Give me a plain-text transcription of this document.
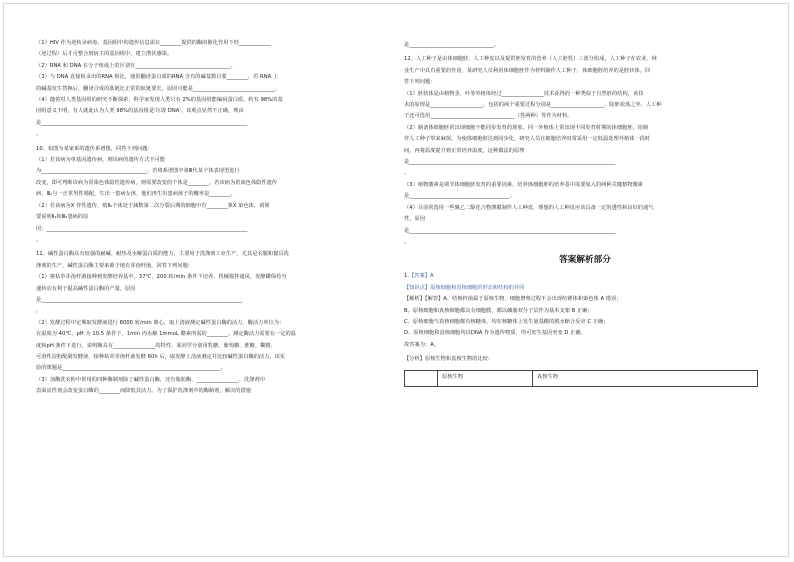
（1）HIV 作为逆转录病毒，基因组中的遗传信息需在________提供的酶的催化作用下经____________

（逆过程）后才可整合到宿主的基因组中，建立潜伏感染。

（2）RNA 和 DNA 在分子组成上的区别有____________________________________。

（3）与 DNA 直接转录出的RNA 相比，通常翻译蛋白质的RNA 含有的碱基数目要________，若 RNA 上

的碱基发生替换后，翻译合成的肽链比正常的肽链要长，原因可能是_______________________________。

（4）随着对人类基因组的研究不断探索，科学家发现人类只有 2%的基因组能编码蛋白质，约有 98%的基

因组意义不明，有人就此认为人类 98%的基因组是'垃圾 DNA'。该观点显然不正确，理由

是______________________________________________________________________________

。

10、如图为某家系的遗传系谱图，回答下列问题：

（1）若该病为单基因遗传病，则该病的遗传方式不可能

为________________________________________。若将系谱图中第Ⅲ代某个体表现型进行

改变，即可判断该病为常染色体隐性遗传病，则需要改变的个体是________。若该病为常染色体隐性遗传

病，Ⅲ₂与一正常男性婚配，生出一患病女孩，他们再生出患病孩子的概率是________。

（2）若该病为X 伴性遗传，则Ⅱ₂个体处于减数第二次分裂后期的细胞中有________条X 染色体，请简

要说明Ⅱ₂和Ⅲ₂患病的原

因：____________________________________________________________________________

。

11、碱性蛋白酶具有较强的耐碱、耐热及水解蛋白质的能力，主要用于洗涤剂工业生产，尤其是衣服和餐具洗

涤剂的生产，碱性蛋白酶主要来源于地衣芽孢杆菌。回答下列问题：

（1）将枯草芽孢杆菌接种到发酵培养基中，37℃，200 转/min 条件下培养。机械搅拌通风，发酵罐保持匀

速转动有利于提高碱性蛋白酶的产量，原因

是____________________________________________________________________________

。

（2）发酵过程中定期取发酵液进行 8000 转/min 离心，取上清液测定碱性蛋白酶的活力。酶活力单位为：

在温度为 40℃，pH 为 10.5 条件下，1min 内水解 1mmoL 酪素所需的________。测定酶活力需要在一定的温

度和pH 条件下进行，说明酶具有________________的特性。某同学分别用乳糖、葡萄糖、蔗糖、糊精、

可溶性淀粉配制发酵液，接种枯草芽孢杆菌发酵 60h 后，取发酵上清液测定并比较碱性蛋白酶的活力，该实

验的课题是____________________________________________________________。

（3）加酶洗衣粉中常用的四种酶制剂除了碱性蛋白酶，还有脂肪酶、________________。洗涤剂中

表面活性剂会改变蛋白酶的________而降低其活力。为了保护洗涤剂中的酶制剂，解决的措施

是________________________________。

12、人工种子是由体细胞胚、人工种皮以及提供胚发育的营养（人工胚乳）三部分组成，人工种子在农业、林

业生产中具有重要的作用，某研究人员利用体细胞胚作为材料制作人工种子，体细胞胚培养的是胚状体。回

答下列问题：

（1）胚状体是由植物茎、叶等外植体经过________________技术获得的一种类似于自然胚的结构，该技

术的原理是____________________，包括的两个重要过程分别是____________________。除胚状体之外，人工种

子还可选用________________________________（答两种）等作为材料。

（2）制备体细胞胚常出现细胞不能同步发育的现象，同一外植体上常出现不同发育时期的体细胞胚，给制

作人工种子带来麻烦。为使体细胞胚达到同步化，研究人员在细胞培养时常采用一定低温处理外植体一段时

间，再将温度提升到正常培养温度，这种做法的原理

是______________________________________________________________________________

。

（3）植物激素是调节体细胞胚发育的重要因素，培养体细胞胚的培养基中需要加入的两种关键植物激素

是______________________________________。

（4）目前常选用一些聚乙二醇化合物薄膜制作人工种皮，理想的人工种皮应该具备一定的透性和良好的通气

性，原因

是______________________________________________________________________________

。

答案解析部分

1.【答案】A

【知识点】原核细胞和真核细胞的形态和结构的异同

【解析】【解答】A、结核杆菌属于原核生物，细胞增殖过程不会出现纺锤体和染色体 A 错误；

B、原核细胞和真核细胞都具有细胞膜，都以磷脂双分子层作为基本支架 B 正确；

C、原核细胞与真核细胞都有核糖体，均在核糖体上发生氨基酸的脱水缩合反应 C 正确；

D、原核细胞和真核细胞均以DNA 作为遗传物质，均可发生基因突变 D 正确。

故答案为：A。

【分析】原核生物和真核生物的比较：

	原核生物	真核生物
